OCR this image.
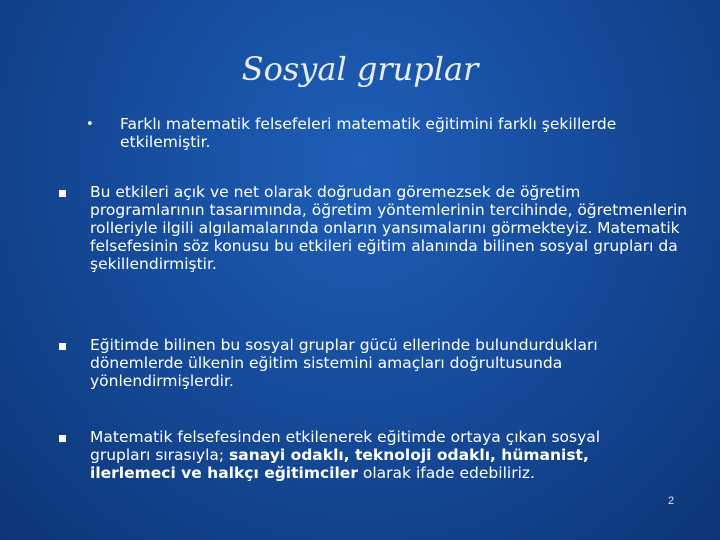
Sosyal gruplar
• Farklı matematik felsefeleri matematik eğitimini farklı şekillerde etkilemiştir.
Bu etkileri açık ve net olarak doğrudan göremezsek de öğretim programlarının tasarımında, öğretim yöntemlerinin tercihinde, öğretmenlerin rolleriyle ilgili algılamalarında onların yansımalarını görmekteyiz. Matematik felsefesinin söz konusu bu etkileri eğitim alanında bilinen sosyal grupları da şekillendirmiştir.
Eğitimde bilinen bu sosyal gruplar gücü ellerinde bulundurdukları dönemlerde ülkenin eğitim sistemini amaçları doğrultusunda yönlendirmişlerdir.
Matematik felsefesinden etkilenerek eğitimde ortaya çıkan sosyal grupları sırasıyla; sanayi odaklı, teknoloji odaklı, hümanist, ilerlemeci ve halkçı eğitimciler olarak ifade edebiliriz.
2
